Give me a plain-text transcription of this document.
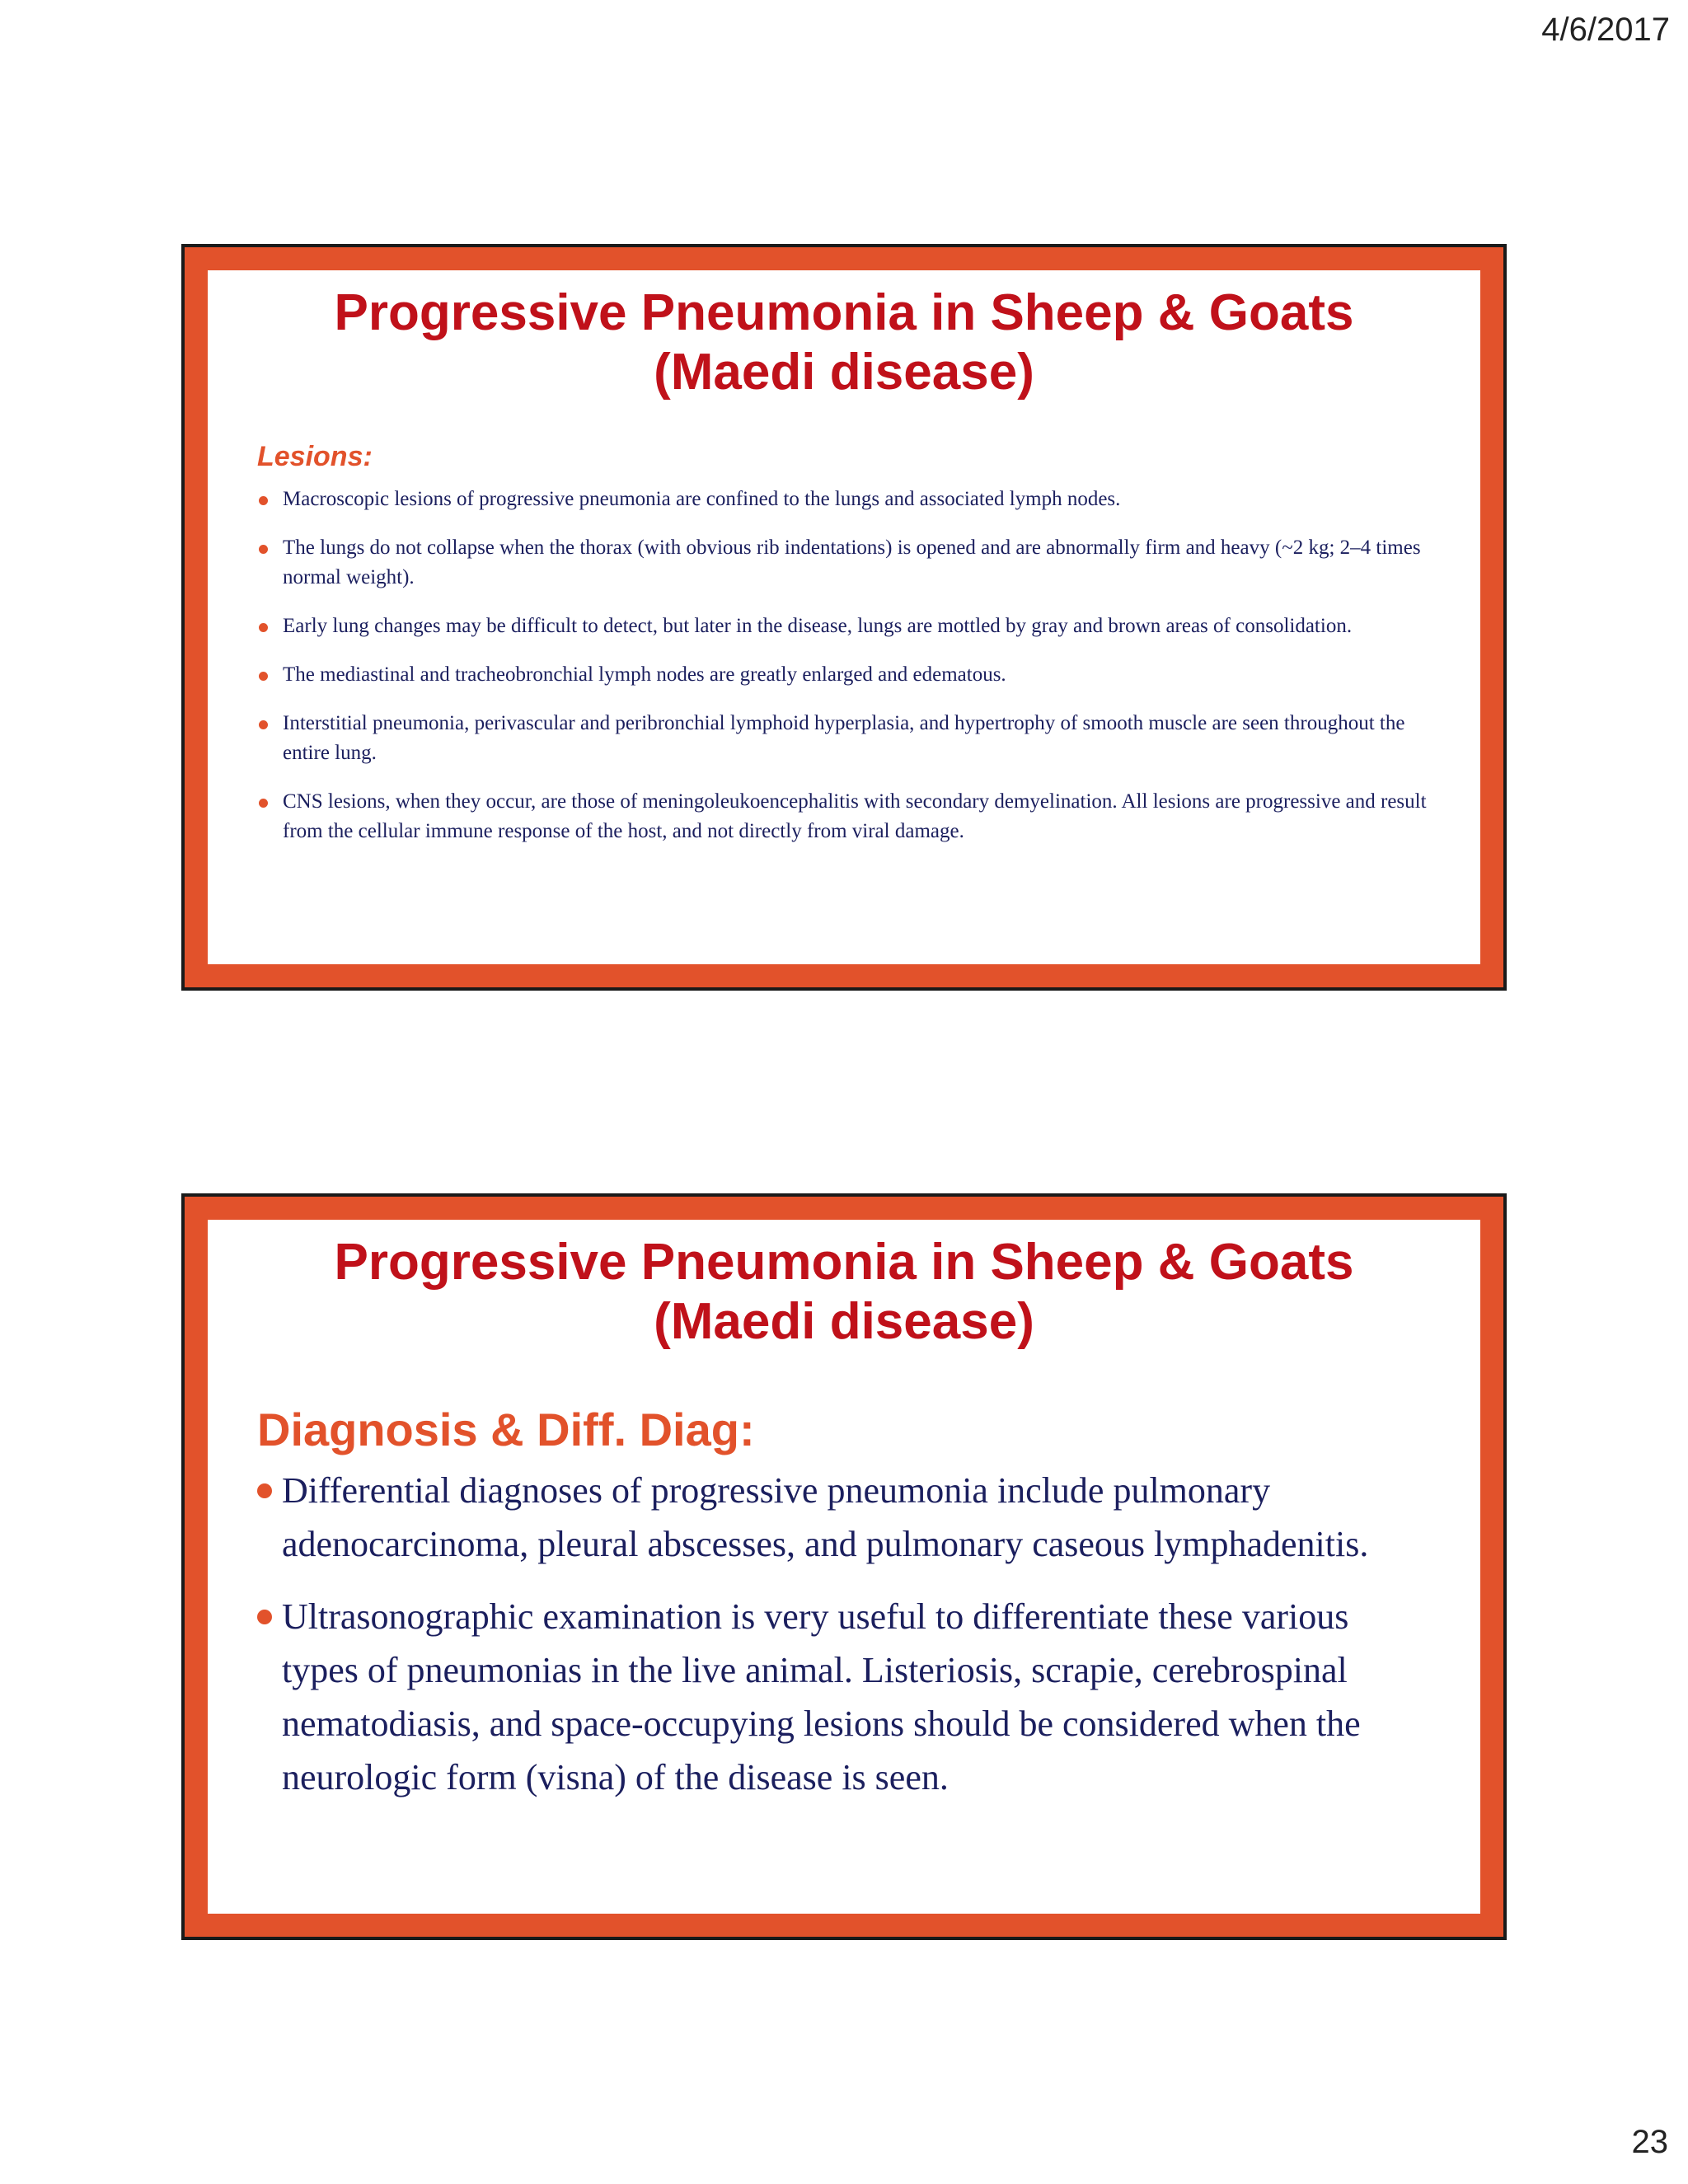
4/6/2017
Progressive Pneumonia in Sheep & Goats
(Maedi disease)
Lesions:
Macroscopic lesions of progressive pneumonia are confined to the lungs and associated lymph nodes.
The lungs do not collapse when the thorax (with obvious rib indentations) is opened and are abnormally firm and heavy (~2 kg; 2–4 times normal weight).
Early lung changes may be difficult to detect, but later in the disease, lungs are mottled by gray and brown areas of consolidation.
The mediastinal and tracheobronchial lymph nodes are greatly enlarged and edematous.
Interstitial pneumonia, perivascular and peribronchial lymphoid hyperplasia, and hypertrophy of smooth muscle are seen throughout the entire lung.
CNS lesions, when they occur, are those of meningoleukoencephalitis with secondary demyelination. All lesions are progressive and result from the cellular immune response of the host, and not directly from viral damage.
Progressive Pneumonia in Sheep & Goats
(Maedi disease)
Diagnosis & Diff. Diag:
Differential diagnoses of progressive pneumonia include pulmonary adenocarcinoma, pleural abscesses, and pulmonary caseous lymphadenitis.
Ultrasonographic examination is very useful to differentiate these various types of pneumonias in the live animal. Listeriosis, scrapie, cerebrospinal nematodiasis, and space-occupying lesions should be considered when the neurologic form (visna) of the disease is seen.
23
